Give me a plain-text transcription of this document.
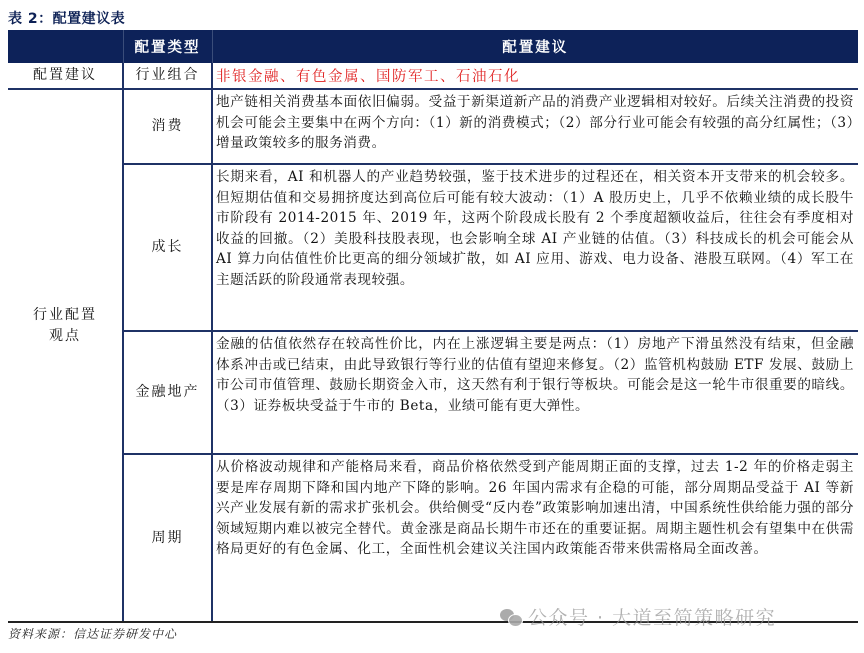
表 2：配置建议表
	配置类型	配置建议
配置建议	行业组合	非银金融、有色金属、国防军工、石油石化

行业配置观点	消费	地产链相关消费基本面依旧偏弱。受益于新渠道新产品的消费产业逻辑相对较好。后续关注消费的投资机会可能会主要集中在两个方向：（1）新的消费模式；（2）部分行业可能会有较强的高分红属性；（3）增量政策较多的服务消费。
	成长	长期来看，AI 和机器人的产业趋势较强，鉴于技术进步的过程还在，相关资本开支带来的机会较多。但短期估值和交易拥挤度达到高位后可能有较大波动：（1）A 股历史上，几乎不依赖业绩的成长股牛市阶段有 2014-2015 年、2019 年，这两个阶段成长股有 2 个季度超额收益后，往往会有季度相对收益的回撤。（2）美股科技股表现，也会影响全球 AI 产业链的估值。（3）科技成长的机会可能会从 AI 算力向估值性价比更高的细分领域扩散，如 AI 应用、游戏、电力设备、港股互联网。（4）军工在主题活跃的阶段通常表现较强。
	金融地产	金融的估值依然存在较高性价比，内在上涨逻辑主要是两点：（1）房地产下滑虽然没有结束，但金融体系冲击或已结束，由此导致银行等行业的估值有望迎来修复。（2）监管机构鼓励 ETF 发展、鼓励上市公司市值管理、鼓励长期资金入市，这天然有利于银行等板块。可能会是这一轮牛市很重要的暗线。（3）证券板块受益于牛市的 Beta，业绩可能有更大弹性。
	周期	从价格波动规律和产能格局来看，商品价格依然受到产能周期正面的支撑，过去 1-2 年的价格走弱主要是库存周期下降和国内地产下降的影响。26 年国内需求有企稳的可能，部分周期品受益于 AI 等新兴产业发展有新的需求扩张机会。供给侧受“反内卷”政策影响加速出清，中国系统性供给能力强的部分领域短期内难以被完全替代。黄金涨是商品长期牛市还在的重要证据。周期主题性机会有望集中在供需格局更好的有色金属、化工，全面性机会建议关注国内政策能否带来供需格局全面改善。
公众号 · 大道至简策略研究
资料来源：信达证券研发中心
